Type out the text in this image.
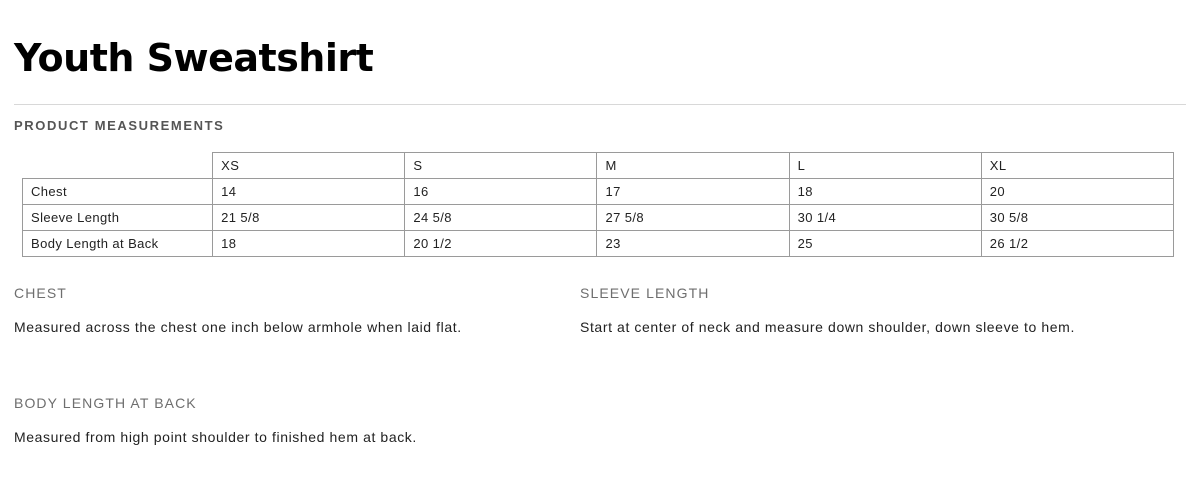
Youth Sweatshirt
PRODUCT MEASUREMENTS
	XS	S	M	L	XL
Chest	14	16	17	18	20
Sleeve Length	21 5/8	24 5/8	27 5/8	30 1/4	30 5/8
Body Length at Back	18	20 1/2	23	25	26 1/2
CHEST
Measured across the chest one inch below armhole when laid flat.
SLEEVE LENGTH
Start at center of neck and measure down shoulder, down sleeve to hem.
BODY LENGTH AT BACK
Measured from high point shoulder to finished hem at back.
